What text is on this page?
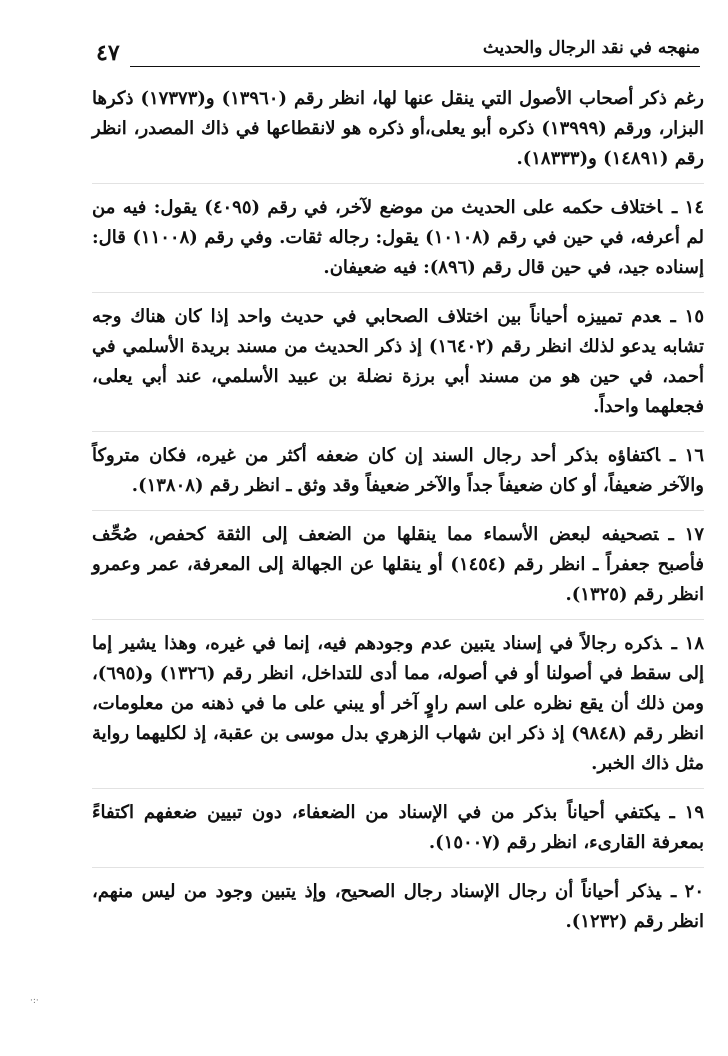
منهجه في نقد الرجال والحديث
٤٧

رغم ذكر أصحاب الأصول التي ينقل عنها لها، انظر رقم (١٣٩٦٠) و(١٧٣٧٣) ذكرها البزار، ورقم (١٣٩٩٩) ذكره أبو يعلى،أو ذكره هو لانقطاعها في ذاك المصدر، انظر رقم (١٤٨٩١) و(١٨٣٣٣).

١٤ ـاختلاف حكمه على الحديث من موضع لآخر، في رقم (٤٠٩٥) يقول: فيه من لم أعرفه، في حين في رقم (١٠١٠٨) يقول: رجاله ثقات. وفي رقم (١١٠٠٨) قال: إسناده جيد، في حين قال رقم (٨٩٦): فيه ضعيفان.

١٥ ـعدم تمييزه أحياناً بين اختلاف الصحابي في حديث واحد إذا كان هناك وجه تشابه يدعو لذلك انظر رقم (١٦٤٠٢) إذ ذكر الحديث من مسند بريدة الأسلمي في أحمد، في حين هو من مسند أبي برزة نضلة بن عبيد الأسلمي، عند أبي يعلى، فجعلهما واحداً.

١٦ ـاكتفاؤه بذكر أحد رجال السند إن كان ضعفه أكثر من غيره، فكان متروكاً والآخر ضعيفاً، أو كان ضعيفاً جداً والآخر ضعيفاً وقد وثق ـ انظر رقم (١٣٨٠٨).

١٧ ـتصحيفه لبعض الأسماء مما ينقلها من الضعف إلى الثقة كحفص، صُحِّف فأصبح جعفراً ـ انظر رقم (١٤٥٤) أو ينقلها عن الجهالة إلى المعرفة، عمر وعمرو انظر رقم (١٣٢٥).

١٨ ـذكره رجالاً في إسناد يتبين عدم وجودهم فيه، إنما في غيره، وهذا يشير إما إلى سقط في أصولنا أو في أصوله، مما أدى للتداخل، انظر رقم (١٣٢٦) و(٦٩٥)، ومن ذلك أن يقع نظره على اسم راوٍ آخر أو يبني على ما في ذهنه من معلومات، انظر رقم (٩٨٤٨) إذ ذكر ابن شهاب الزهري بدل موسى بن عقبة، إذ لكليهما رواية مثل ذاك الخبر.

١٩ ـيكتفي أحياناً بذكر من في الإسناد من الضعفاء، دون تبيين ضعفهم اكتفاءً بمعرفة القارىء، انظر رقم (١٥٠٠٧).

٢٠ ـيذكر أحياناً أن رجال الإسناد رجال الصحيح، وإذ يتبين وجود من ليس منهم، انظر رقم (١٢٣٢).

·:·
